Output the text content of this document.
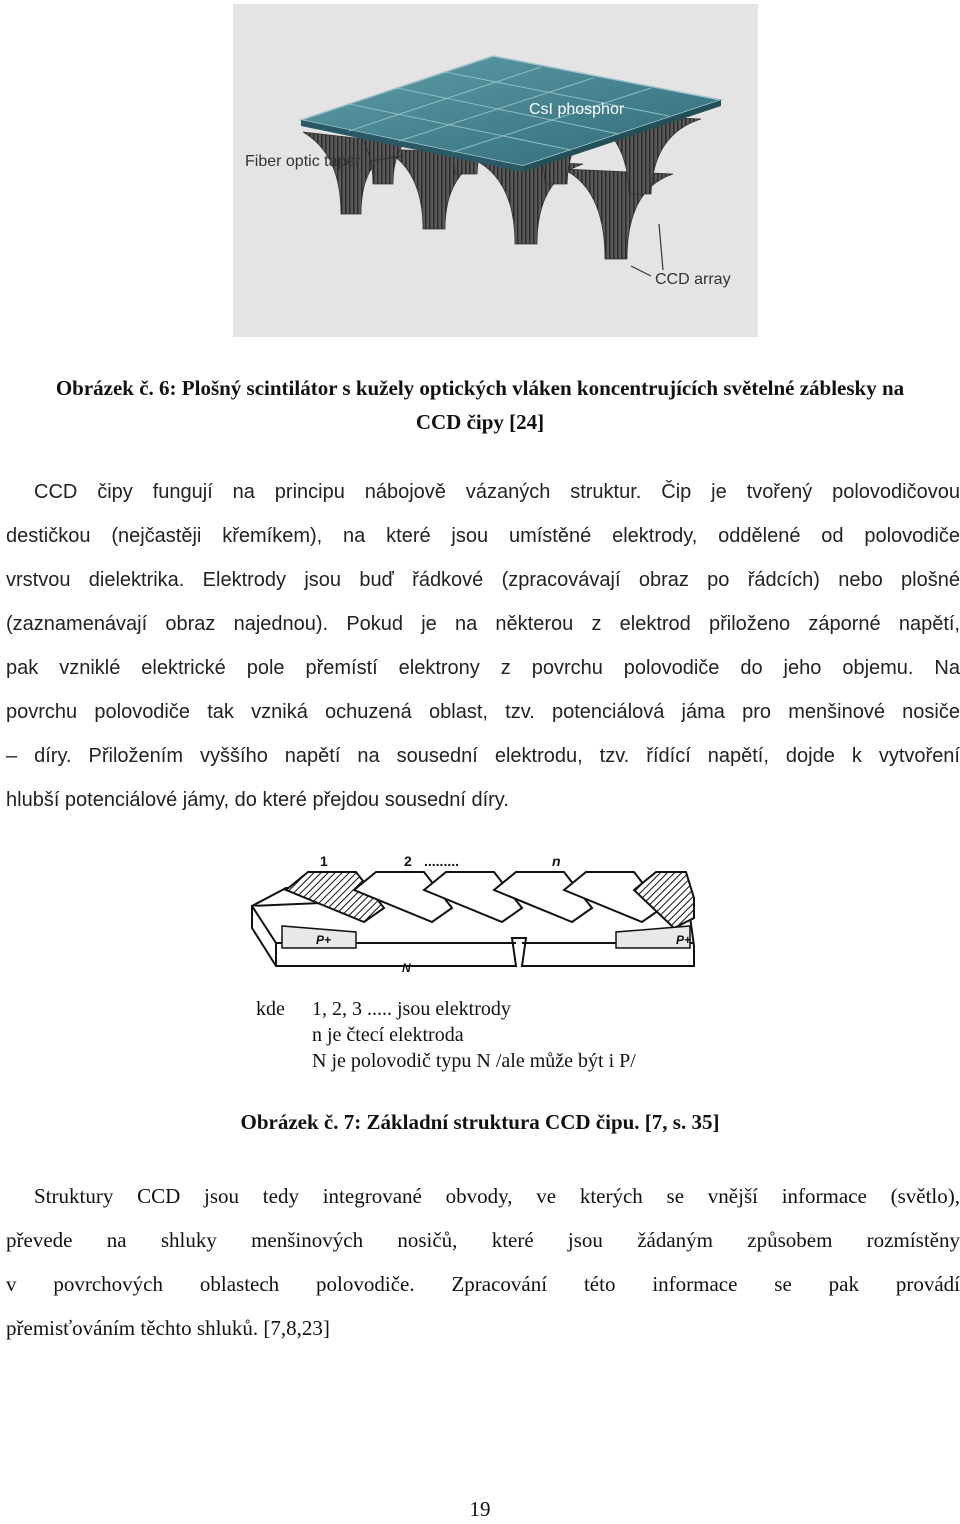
CsI phosphor
Fiber optic taper
CCD array
Obrázek č. 6: Plošný scintilátor s kužely optických vláken koncentrujících světelné záblesky na
CCD čipy [24]
CCD čipy fungují na principu nábojově vázaných struktur. Čip je tvořený polovodičovou
destičkou (nejčastěji křemíkem), na které jsou umístěné elektrody, oddělené od polovodiče
vrstvou dielektrika. Elektrody jsou buď řádkové (zpracovávají obraz po řádcích) nebo plošné
(zaznamenávají obraz najednou). Pokud je na některou z elektrod přiloženo záporné napětí,
pak vzniklé elektrické pole přemístí elektrony z povrchu polovodiče do jeho objemu. Na
povrchu polovodiče tak vzniká ochuzená oblast, tzv. potenciálová jáma pro menšinové nosiče
– díry. Přiložením vyššího napětí na sousední elektrodu, tzv. řídící napětí, dojde k vytvoření
hlubší potenciálové jámy, do které přejdou sousední díry.
1	2 .........	n
P+	P+
N
kde 1, 2, 3 ..... jsou elektrody
n je čtecí elektroda
N je polovodič typu N /ale může být i P/
Obrázek č. 7: Základní struktura CCD čipu. [7, s. 35]
Struktury CCD jsou tedy integrované obvody, ve kterých se vnější informace (světlo),
převede na shluky menšinových nosičů, které jsou žádaným způsobem rozmístěny
v povrchových oblastech polovodiče. Zpracování této informace se pak provádí
přemisťováním těchto shluků. [7,8,23]
19
